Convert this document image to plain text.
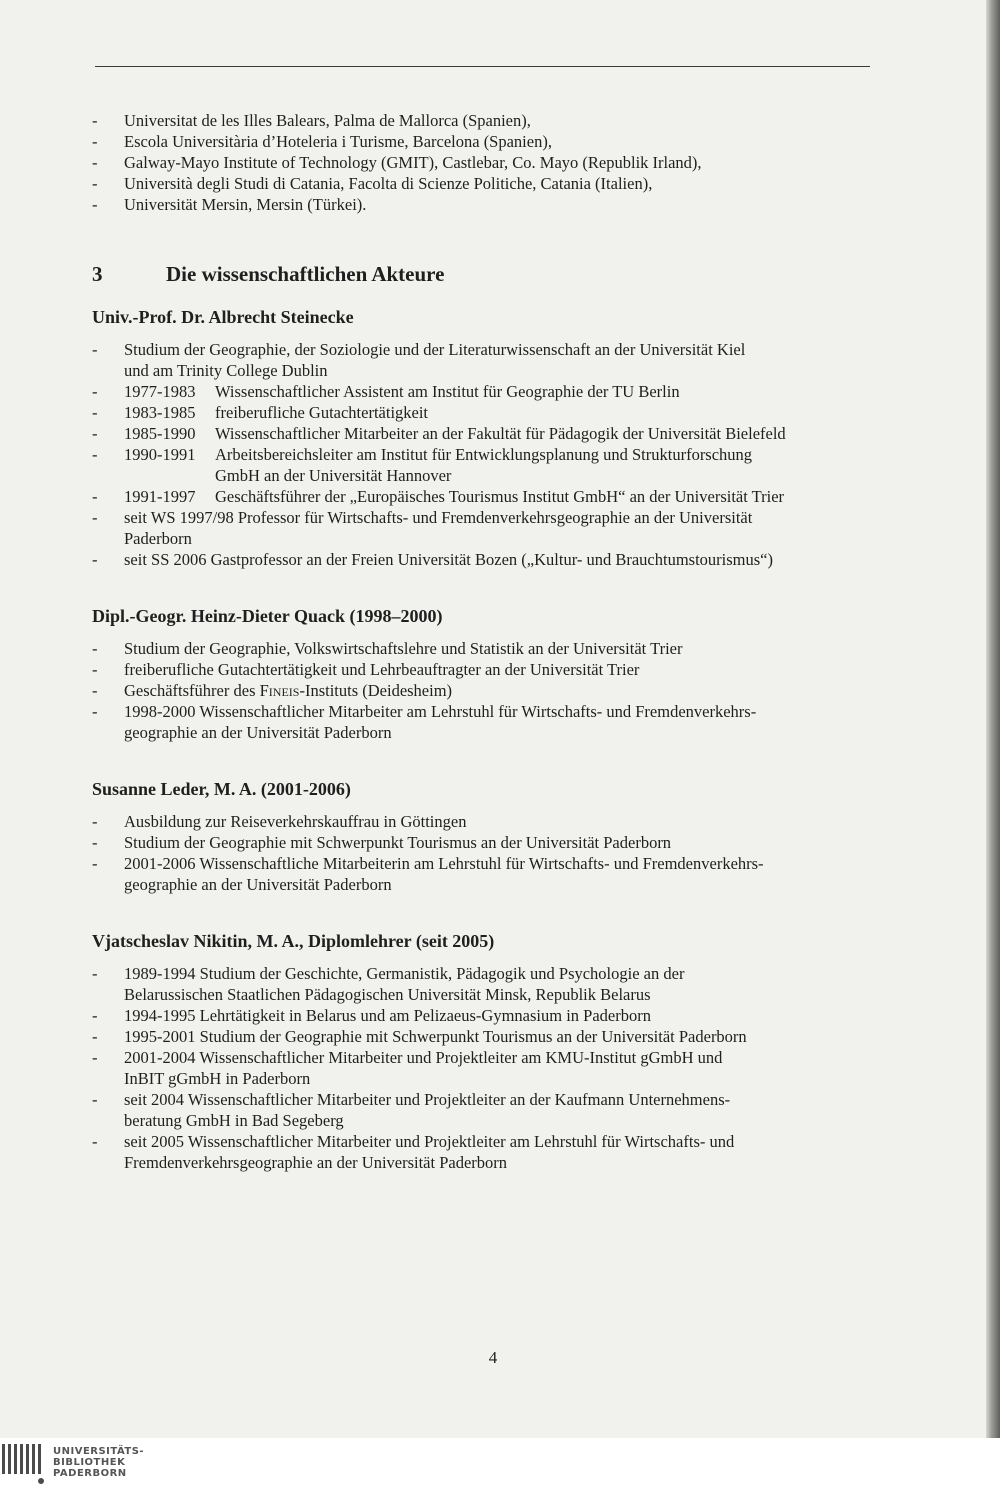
- Universitat de les Illes Balears, Palma de Mallorca (Spanien),
- Escola Universitària d’Hoteleria i Turisme, Barcelona (Spanien),
- Galway-Mayo Institute of Technology (GMIT), Castlebar, Co. Mayo (Republik Irland),
- Università degli Studi di Catania, Facolta di Scienze Politiche, Catania (Italien),
- Universität Mersin, Mersin (Türkei).
3	Die wissenschaftlichen Akteure
Univ.-Prof. Dr. Albrecht Steinecke
- Studium der Geographie, der Soziologie und der Literaturwissenschaft an der Universität Kiel
und am Trinity College Dublin
- 1977-1983 Wissenschaftlicher Assistent am Institut für Geographie der TU Berlin
- 1983-1985 freiberufliche Gutachtertätigkeit
- 1985-1990 Wissenschaftlicher Mitarbeiter an der Fakultät für Pädagogik der Universität Bielefeld
- 1990-1991 Arbeitsbereichsleiter am Institut für Entwicklungsplanung und Strukturforschung
GmbH an der Universität Hannover
- 1991-1997 Geschäftsführer der „Europäisches Tourismus Institut GmbH“ an der Universität Trier
- seit WS 1997/98 Professor für Wirtschafts- und Fremdenverkehrsgeographie an der Universität
Paderborn
- seit SS 2006 Gastprofessor an der Freien Universität Bozen („Kultur- und Brauchtumstourismus“)
Dipl.-Geogr. Heinz-Dieter Quack (1998–2000)
- Studium der Geographie, Volkswirtschaftslehre und Statistik an der Universität Trier
- freiberufliche Gutachtertätigkeit und Lehrbeauftragter an der Universität Trier
- Geschäftsführer des Fineis-Instituts (Deidesheim)
- 1998-2000 Wissenschaftlicher Mitarbeiter am Lehrstuhl für Wirtschafts- und Fremdenverkehrs-
geographie an der Universität Paderborn
Susanne Leder, M. A. (2001-2006)
- Ausbildung zur Reiseverkehrskauffrau in Göttingen
- Studium der Geographie mit Schwerpunkt Tourismus an der Universität Paderborn
- 2001-2006 Wissenschaftliche Mitarbeiterin am Lehrstuhl für Wirtschafts- und Fremdenverkehrs-
geographie an der Universität Paderborn
Vjatscheslav Nikitin, M. A., Diplomlehrer (seit 2005)
- 1989-1994 Studium der Geschichte, Germanistik, Pädagogik und Psychologie an der
Belarussischen Staatlichen Pädagogischen Universität Minsk, Republik Belarus
- 1994-1995 Lehrtätigkeit in Belarus und am Pelizaeus-Gymnasium in Paderborn
- 1995-2001 Studium der Geographie mit Schwerpunkt Tourismus an der Universität Paderborn
- 2001-2004 Wissenschaftlicher Mitarbeiter und Projektleiter am KMU-Institut gGmbH und
InBIT gGmbH in Paderborn
- seit 2004 Wissenschaftlicher Mitarbeiter und Projektleiter an der Kaufmann Unternehmens-
beratung GmbH in Bad Segeberg
- seit 2005 Wissenschaftlicher Mitarbeiter und Projektleiter am Lehrstuhl für Wirtschafts- und
Fremdenverkehrsgeographie an der Universität Paderborn
4
UNIVERSITÄTS-
BIBLIOTHEK
PADERBORN
